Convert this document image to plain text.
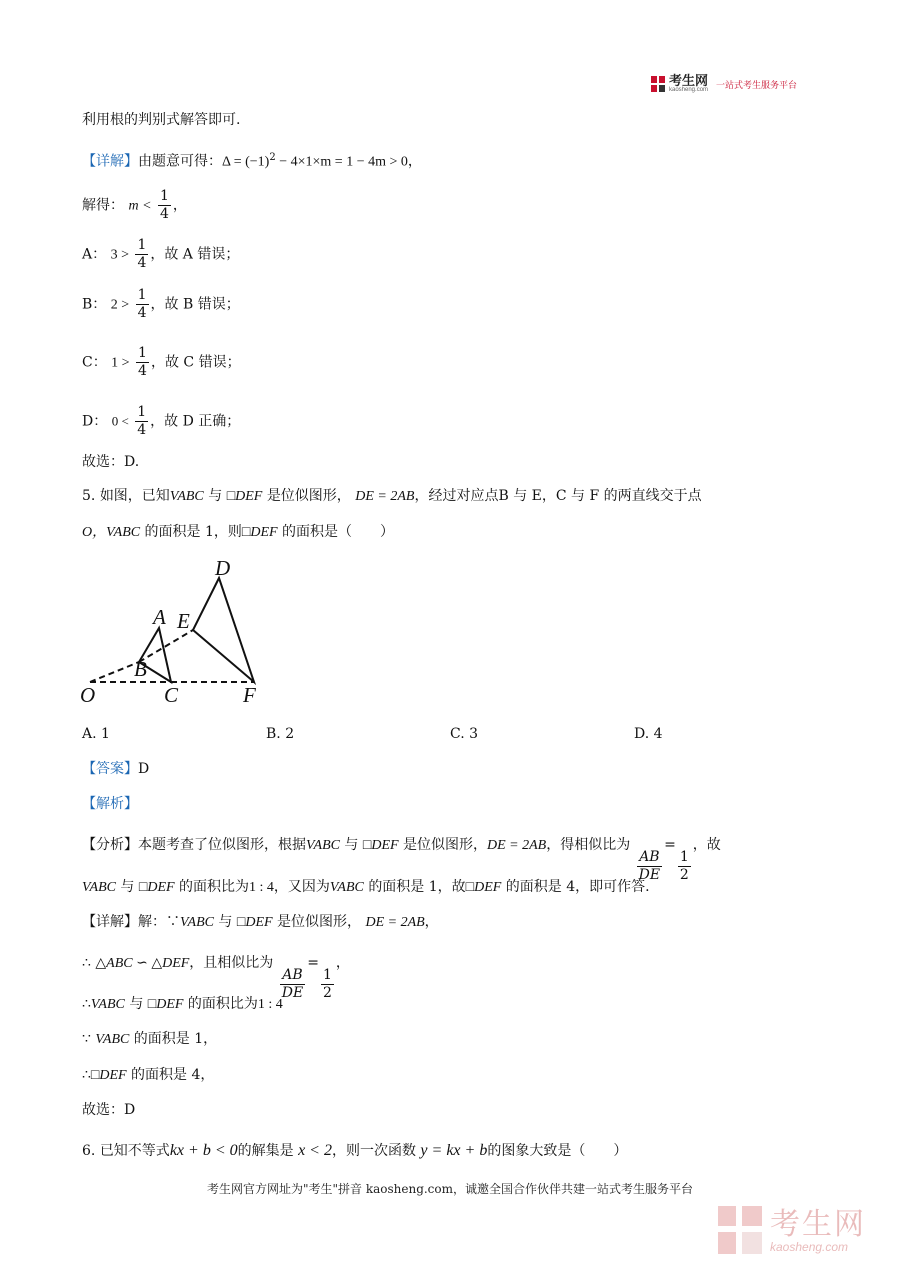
考生网
kaosheng.com
一站式考生服务平台
利用根的判别式解答即可.
【详解】由题意可得：$\Delta = (-1)^2 - 4\times 1\times m = 1 - 4m > 0$，
解得： $m < \frac{1}{4}$ ，
A： $3 > \frac{1}{4}$ ，故 A 错误；
B： $2 > \frac{1}{4}$ ，故 B 错误；
C： $1 > \frac{1}{4}$ ，故 C 错误；
D： $0 < \frac{1}{4}$ ，故 D 正确；
故选：D.
5. 如图，已知VABC 与 □DEF 是位似图形， DE = 2AB，经过对应点B 与 E，C 与 F 的两直线交于点
O，VABC 的面积是 1，则□DEF 的面积是（　　）
D
A E
B
O	C	F
A. 1	B. 2	C. 3	D. 4
【答案】D
【解析】
【分析】本题考查了位似图形，根据VABC 与 □DEF 是位似图形，DE = 2AB，得相似比为
$\frac{AB}{DE}$
=
$\frac{1}{2}$
，故
VABC 与 □DEF 的面积比为1 : 4，又因为VABC 的面积是 1，故□DEF 的面积是 4，即可作答.
【详解】解：∵VABC 与 □DEF 是位似图形， DE = 2AB，
∴ △ABC ∽ △DEF，且相似比为
$\frac{AB}{DE}$
=
$\frac{1}{2}$
，
∴VABC 与 □DEF 的面积比为1 : 4
∵ VABC 的面积是 1，
∴□DEF 的面积是 4，
故选：D
6. 已知不等式kx + b < 0的解集是 x < 2，则一次函数 y = kx + b的图象大致是（　　）
考生网官方网址为"考生"拼音 kaosheng.com，诚邀全国合作伙伴共建一站式考生服务平台
考生网
kaosheng.com
